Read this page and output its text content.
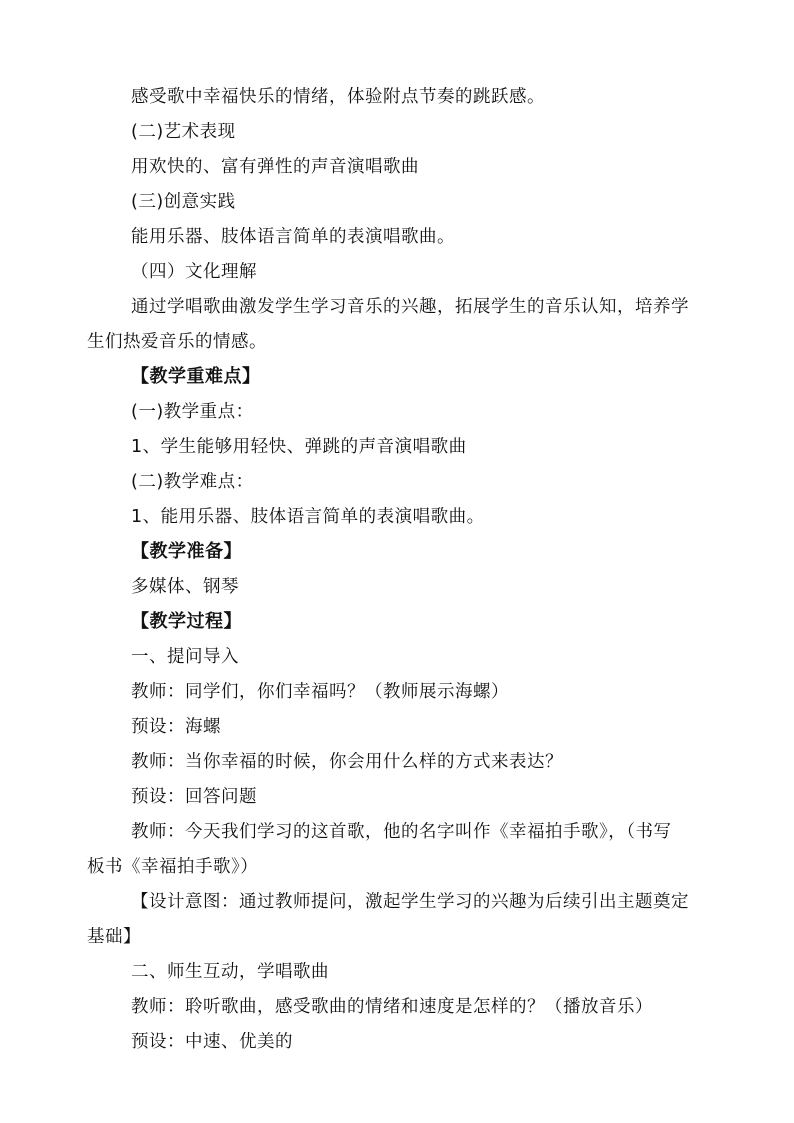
感受歌中幸福快乐的情绪，体验附点节奏的跳跃感。
(二)艺术表现
用欢快的、富有弹性的声音演唱歌曲
(三)创意实践
能用乐器、肢体语言简单的表演唱歌曲。
（四）文化理解
通过学唱歌曲激发学生学习音乐的兴趣，拓展学生的音乐认知，培养学
生们热爱音乐的情感。
【教学重难点】
(一)教学重点：
1、学生能够用轻快、弹跳的声音演唱歌曲
(二)教学难点：
1、能用乐器、肢体语言简单的表演唱歌曲。
【教学准备】
多媒体、钢琴
【教学过程】
一、提问导入
教师：同学们，你们幸福吗？（教师展示海螺）
预设：海螺
教师：当你幸福的时候，你会用什么样的方式来表达？
预设：回答问题
教师：今天我们学习的这首歌，他的名字叫作《幸福拍手歌》，（书写
板书《幸福拍手歌》）
【设计意图：通过教师提问，激起学生学习的兴趣为后续引出主题奠定
基础】
二、师生互动，学唱歌曲
教师：聆听歌曲，感受歌曲的情绪和速度是怎样的？（播放音乐）
预设：中速、优美的
